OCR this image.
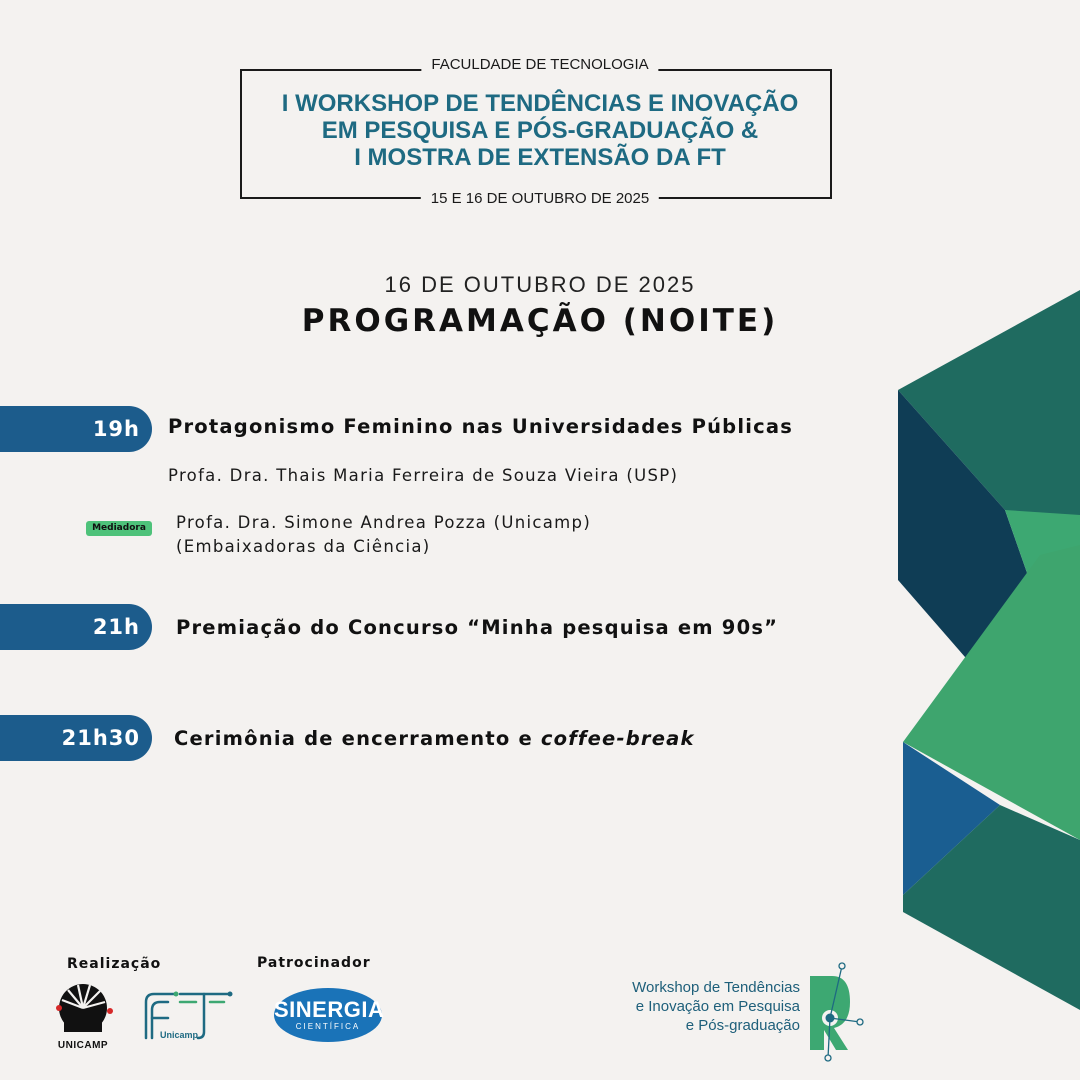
FACULDADE DE TECNOLOGIA
I WORKSHOP DE TENDÊNCIAS E INOVAÇÃO
EM PESQUISA E PÓS-GRADUAÇÃO &
I MOSTRA DE EXTENSÃO DA FT
15 E 16 DE OUTUBRO DE 2025
16 DE OUTUBRO DE 2025
PROGRAMAÇÃO (NOITE)
19h	Protagonismo Feminino nas Universidades Públicas
Profa. Dra. Thais Maria Ferreira de Souza Vieira (USP)
Mediadora	Profa. Dra. Simone Andrea Pozza (Unicamp)
(Embaixadoras da Ciência)
21h	Premiação do Concurso “Minha pesquisa em 90s”
21h30	Cerimônia de encerramento e coffee-break
Realização	Patrocinador
UNICAMP
Unicamp
SINERGIA
CIENTÍFICA
Workshop de Tendências
e Inovação em Pesquisa
e Pós-graduação
